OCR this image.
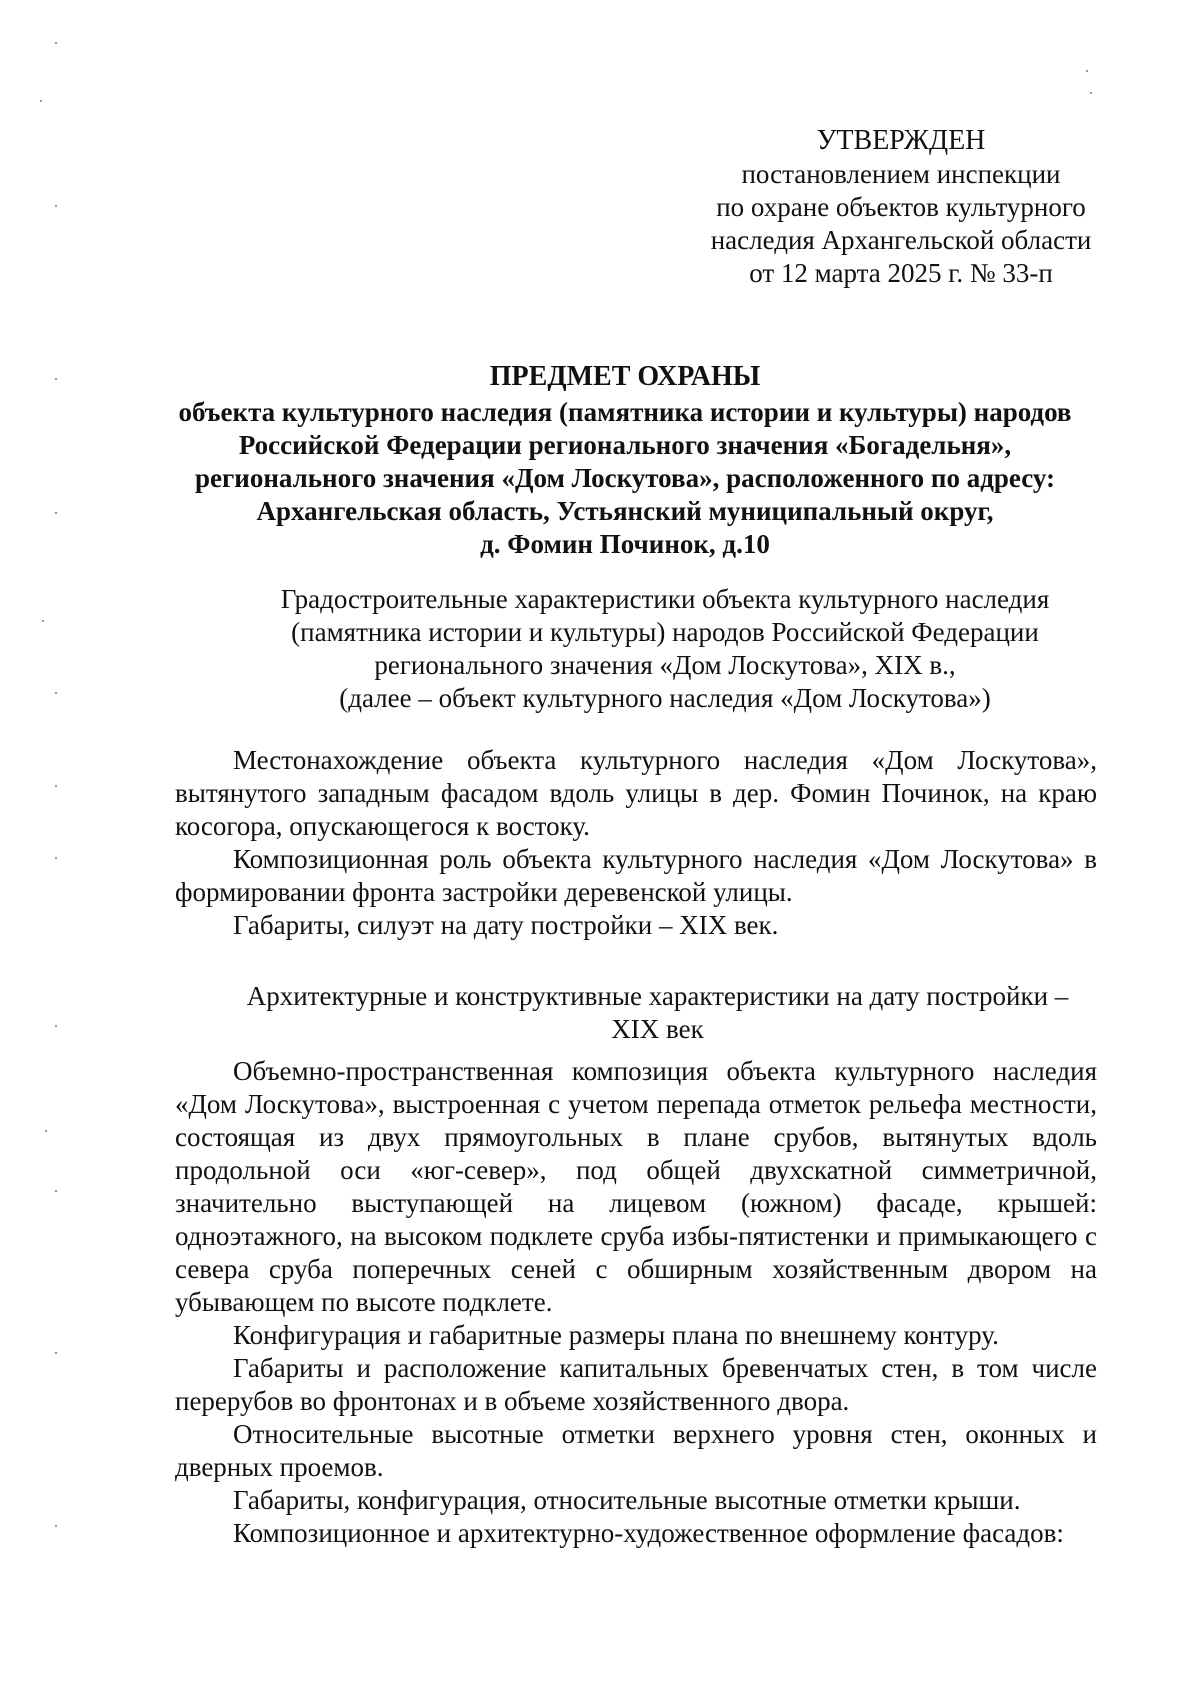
УТВЕРЖДЕН
постановлением инспекции
по охране объектов культурного
наследия Архангельской области
от 12 марта 2025 г. № 33-п
ПРЕДМЕТ ОХРАНЫ
объекта культурного наследия (памятника истории и культуры) народов
Российской Федерации регионального значения «Богадельня»,
регионального значения «Дом Лоскутова», расположенного по адресу:
Архангельская область, Устьянский муниципальный округ,
д. Фомин Починок, д.10
Градостроительные характеристики объекта культурного наследия
(памятника истории и культуры) народов Российской Федерации
регионального значения «Дом Лоскутова», XIX в.,
(далее – объект культурного наследия «Дом Лоскутова»)

Местонахождение объекта культурного наследия «Дом Лоскутова», вытянутого западным фасадом вдоль улицы в дер. Фомин Починок, на краю косогора, опускающегося к востоку.

Композиционная роль объекта культурного наследия «Дом Лоскутова» в формировании фронта застройки деревенской улицы.

Габариты, силуэт на дату постройки – XIX век.

Архитектурные и конструктивные характеристики на дату постройки –
XIX век

Объемно-пространственная композиция объекта культурного наследия «Дом Лоскутова», выстроенная с учетом перепада отметок рельефа местности, состоящая из двух прямоугольных в плане срубов, вытянутых вдоль продольной оси «юг-север», под общей двухскатной симметричной, значительно выступающей на лицевом (южном) фасаде, крышей: одноэтажного, на высоком подклете сруба избы-пятистенки и примыкающего с севера сруба поперечных сеней с обширным хозяйственным двором на убывающем по высоте подклете.

Конфигурация и габаритные размеры плана по внешнему контуру.

Габариты и расположение капитальных бревенчатых стен, в том числе перерубов во фронтонах и в объеме хозяйственного двора.

Относительные высотные отметки верхнего уровня стен, оконных и дверных проемов.

Габариты, конфигурация, относительные высотные отметки крыши.

Композиционное и архитектурно-художественное оформление фасадов:
